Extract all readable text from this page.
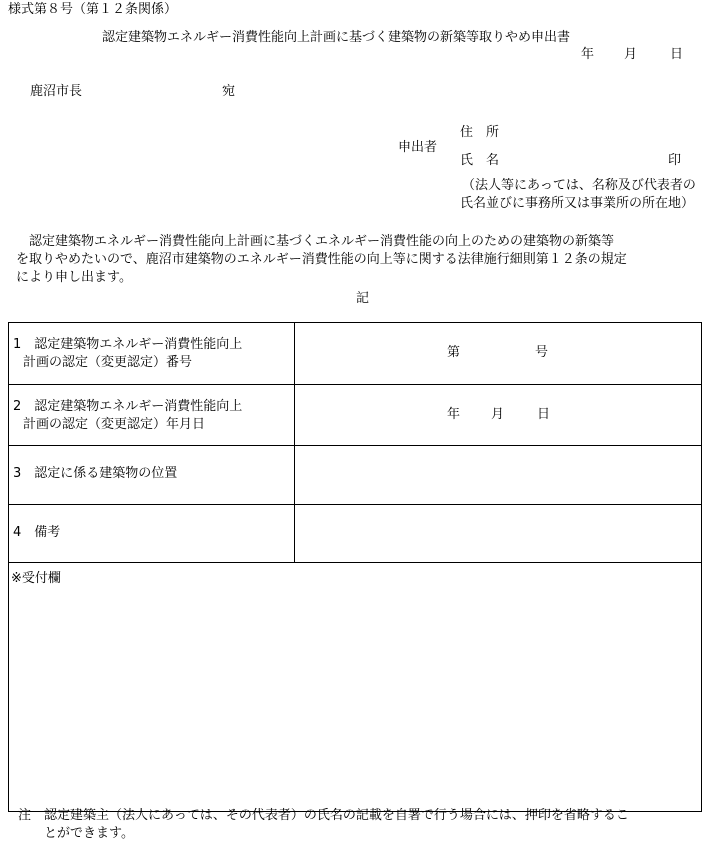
様式第８号（第１２条関係）
認定建築物エネルギー消費性能向上計画に基づく建築物の新築等取りやめ申出書
年 月	日
鹿沼市長	宛
申出者
住　所
氏　名	印
（法人等にあっては、名称及び代表者の
氏名並びに事務所又は事業所の所在地）
　認定建築物エネルギー消費性能向上計画に基づくエネルギー消費性能の向上のための建築物の新築等
を取りやめたいので、鹿沼市建築物のエネルギー消費性能の向上等に関する法律施行細則第１２条の規定
により申し出ます。
記
1　認定建築物エネルギー消費性能向上
計画の認定（変更認定）番号
第	号
2　認定建築物エネルギー消費性能向上
計画の認定（変更認定）年月日
年 月	日
3　認定に係る建築物の位置
4　備考
※受付欄
注　認定建築主（法人にあっては、その代表者）の氏名の記載を自署で行う場合には、押印を省略するこ
とができます。
